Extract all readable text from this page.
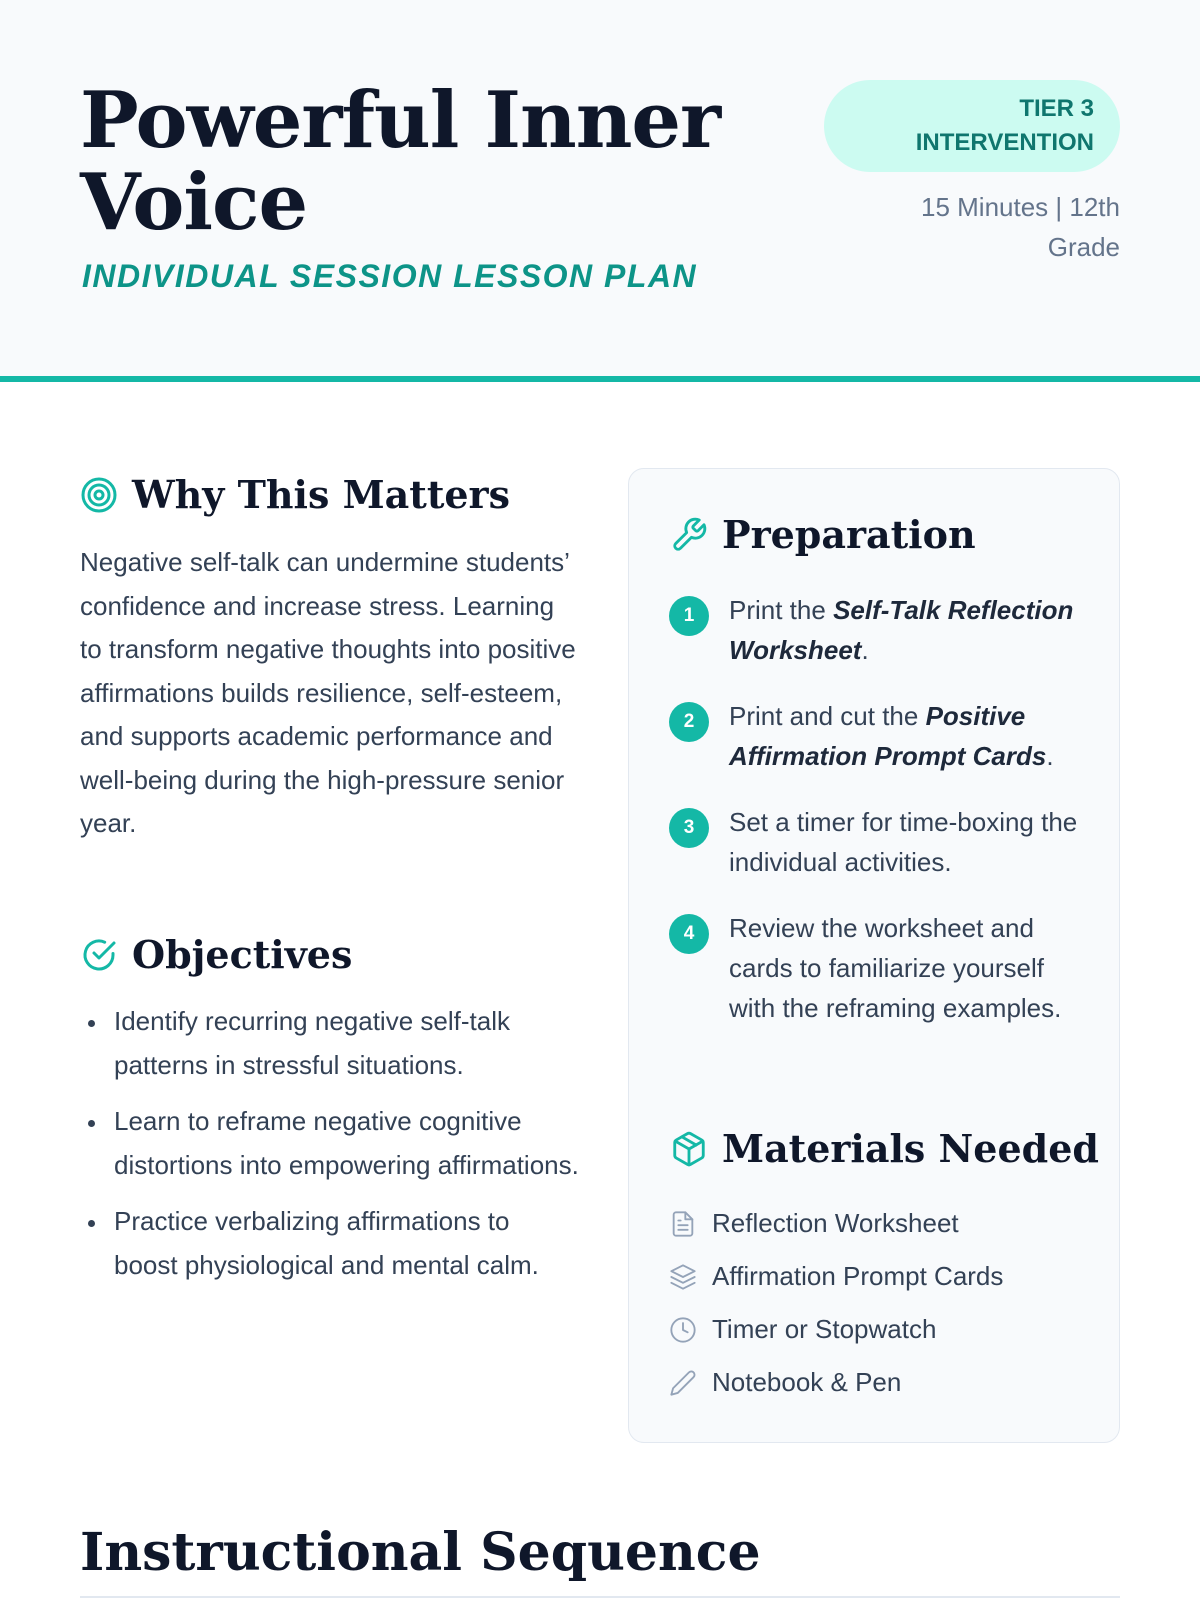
Powerful Inner Voice
INDIVIDUAL SESSION LESSON PLAN
TIER 3
INTERVENTION
15 Minutes | 12th
Grade
Why This Matters

Negative self-talk can undermine students’ confidence and increase stress. Learning to transform negative thoughts into positive affirmations builds resilience, self-esteem, and supports academic performance and well-being during the high-pressure senior year.

Objectives
Identify recurring negative self-talk patterns in stressful situations.
Learn to reframe negative cognitive distortions into empowering affirmations.
Practice verbalizing affirmations to boost physiological and mental calm.
Preparation
1	Print the Self-Talk Reflection Worksheet.
2	Print and cut the Positive Affirmation Prompt Cards.
3	Set a timer for time-boxing the individual activities.
4	Review the worksheet and cards to familiarize yourself with the reframing examples.
Materials Needed
Reflection Worksheet
Affirmation Prompt Cards
Timer or Stopwatch
Notebook & Pen
Instructional Sequence
